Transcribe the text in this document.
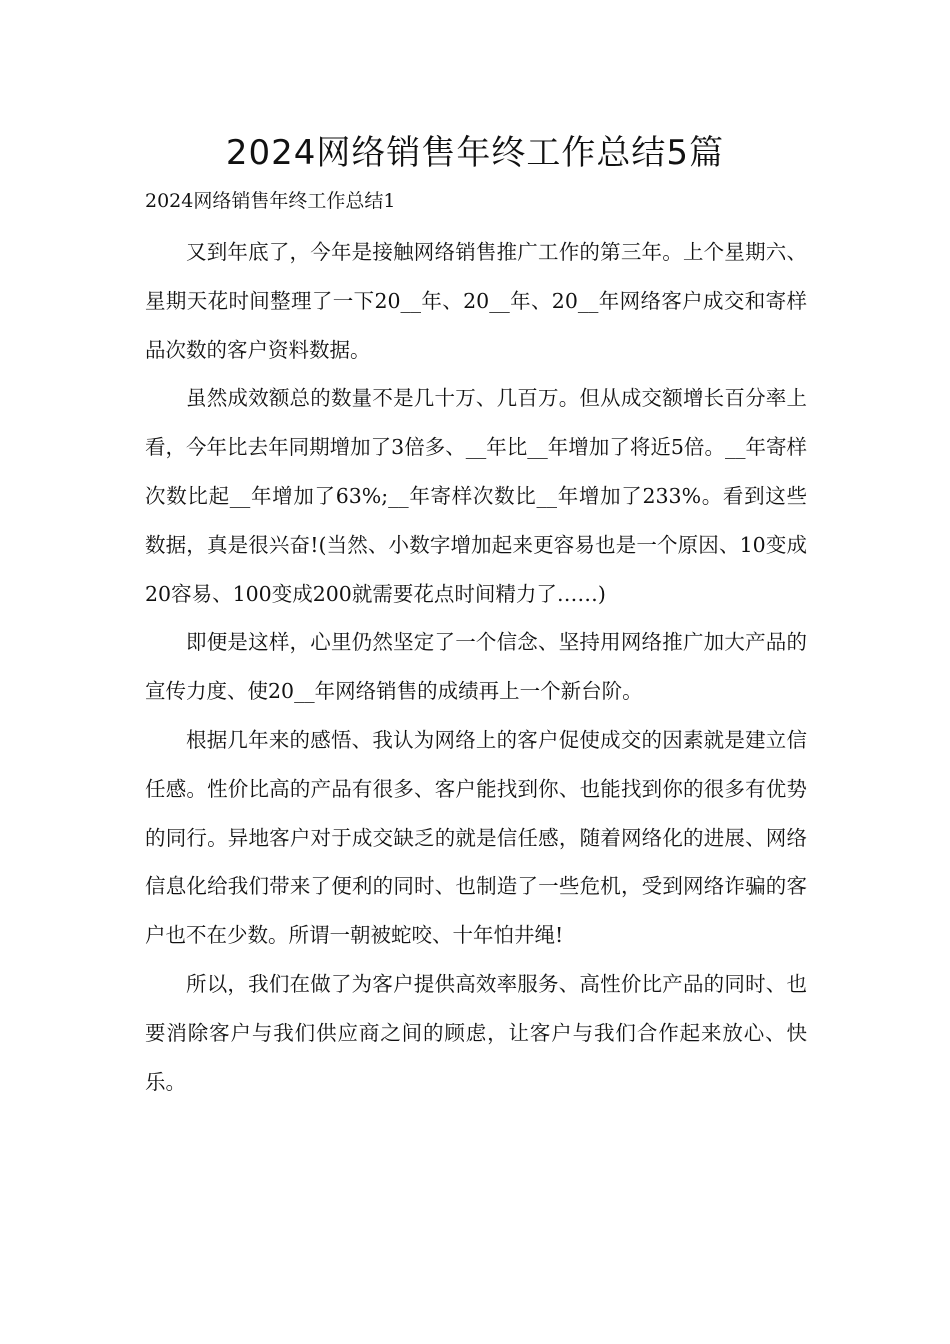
2024网络销售年终工作总结5篇
2024网络销售年终工作总结1

又到年底了，今年是接触网络销售推广工作的第三年。上个星期六、星期天花时间整理了一下20__年、20__年、20__年网络客户成交和寄样品次数的客户资料数据。

虽然成效额总的数量不是几十万、几百万。但从成交额增长百分率上看，今年比去年同期增加了3倍多、__年比__年增加了将近5倍。__年寄样次数比起__年增加了63%;__年寄样次数比__年增加了233%。看到这些数据，真是很兴奋!(当然、小数字增加起来更容易也是一个原因、10变成20容易、100变成200就需要花点时间精力了……)

即便是这样，心里仍然坚定了一个信念、坚持用网络推广加大产品的宣传力度、使20__年网络销售的成绩再上一个新台阶。

根据几年来的感悟、我认为网络上的客户促使成交的因素就是建立信任感。性价比高的产品有很多、客户能找到你、也能找到你的很多有优势的同行。异地客户对于成交缺乏的就是信任感，随着网络化的进展、网络信息化给我们带来了便利的同时、也制造了一些危机，受到网络诈骗的客户也不在少数。所谓一朝被蛇咬、十年怕井绳!

所以，我们在做了为客户提供高效率服务、高性价比产品的同时、也要消除客户与我们供应商之间的顾虑，让客户与我们合作起来放心、快乐。
